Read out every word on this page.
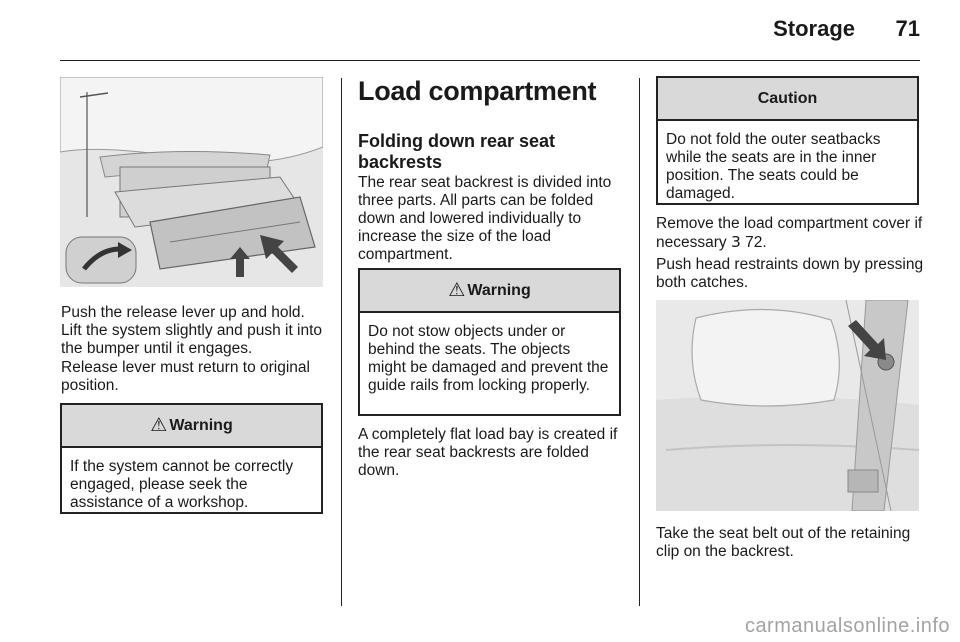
Storage 71
Push the release lever up and hold. Lift the system slightly and push it into the bumper until it engages.
Release lever must return to original position.
⚠ Warning
If the system cannot be correctly engaged, please seek the assistance of a workshop.
Load compartment
Folding down rear seat backrests
The rear seat backrest is divided into three parts. All parts can be folded down and lowered individually to increase the size of the load compartment.
⚠ Warning
Do not stow objects under or behind the seats. The objects might be damaged and prevent the guide rails from locking properly.
A completely flat load bay is created if the rear seat backrests are folded down.
Caution
Do not fold the outer seatbacks while the seats are in the inner position. The seats could be damaged.
Remove the load compartment cover if necessary 3 72.
Push head restraints down by pressing both catches.
Take the seat belt out of the retaining clip on the backrest.
carmanualsonline.info
